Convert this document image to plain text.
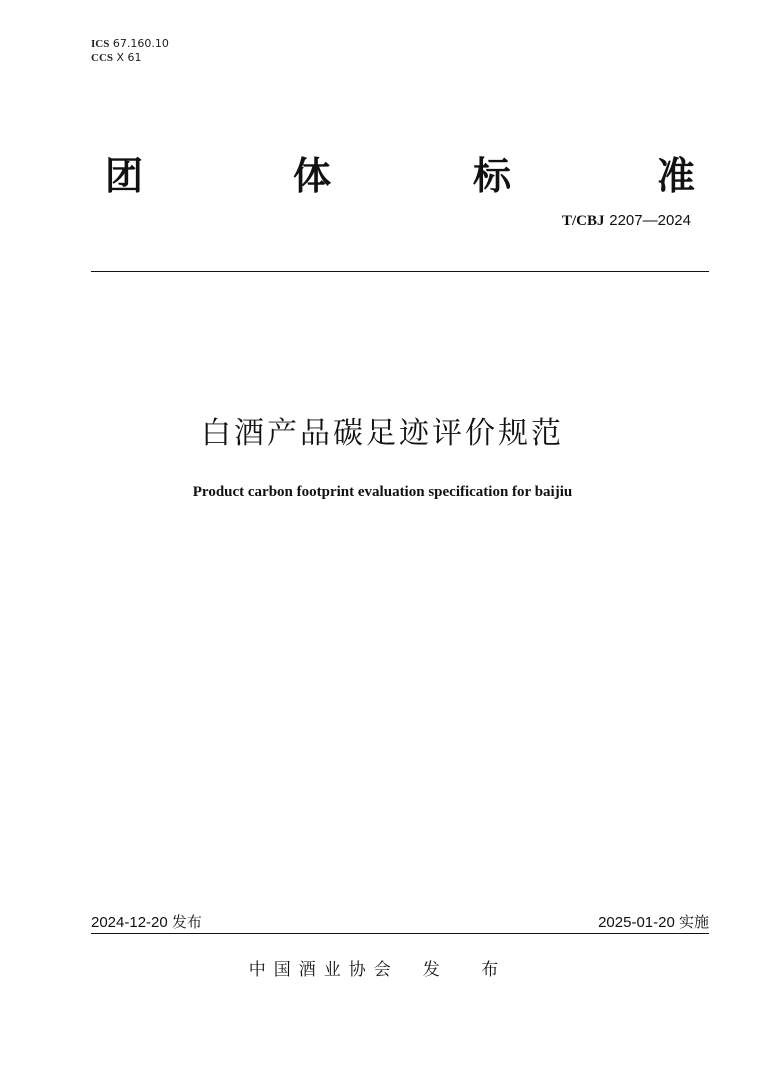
ICS 67.160.10
CCS X 61
团	体	标	准
T/CBJ 2207—2024
白酒产品碳足迹评价规范
Product carbon footprint evaluation specification for baijiu
2024-12-20 发布	2025-01-20 实施
中国酒业协会 发 布
